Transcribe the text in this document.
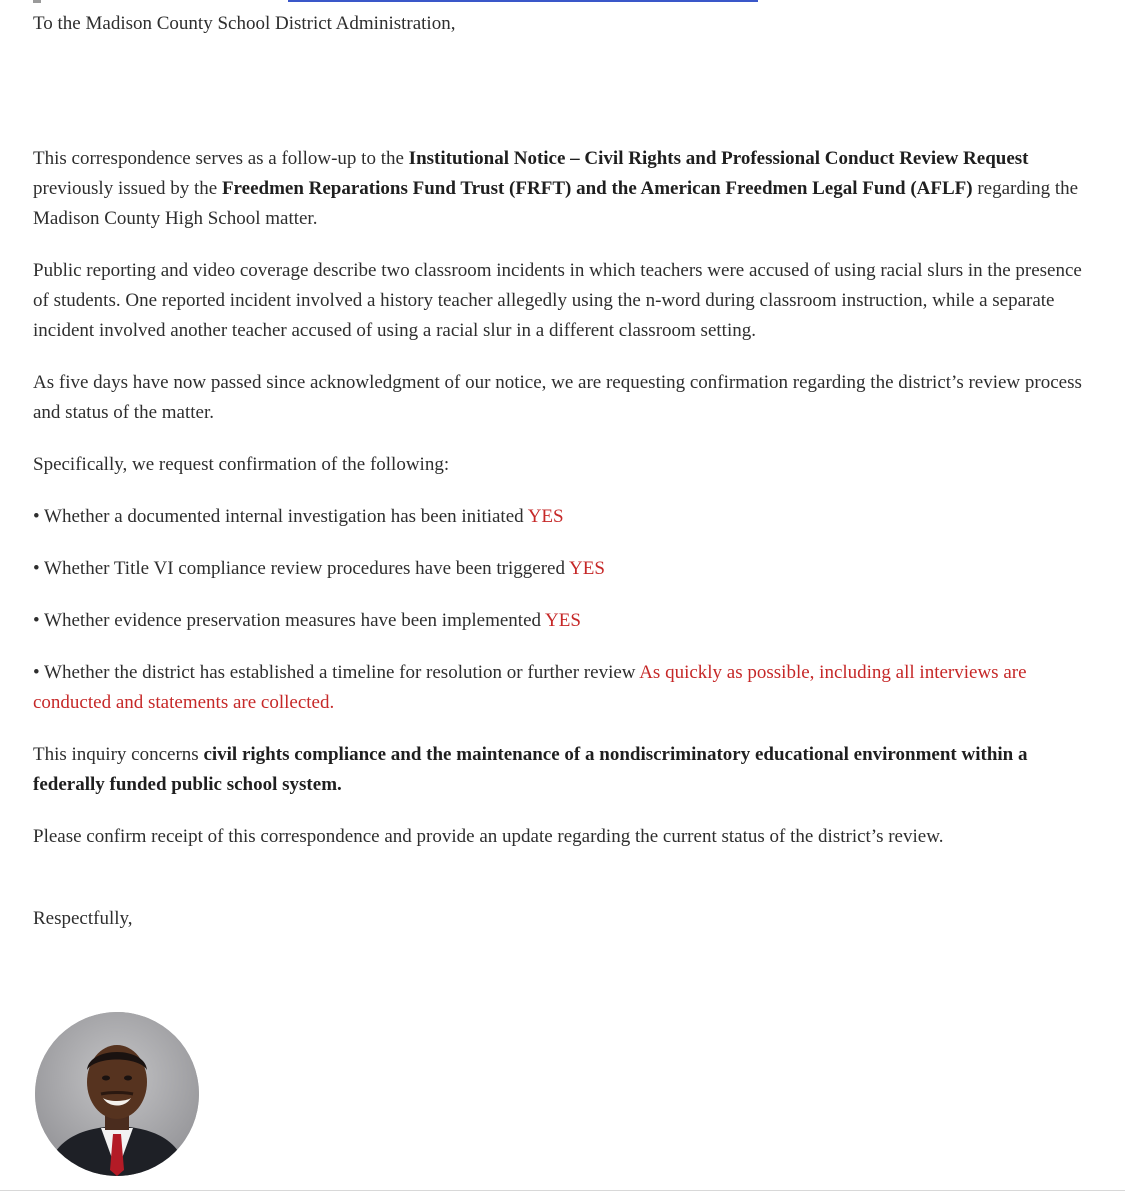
To the Madison County School District Administration,

This correspondence serves as a follow-up to the Institutional Notice – Civil Rights and Professional Conduct Review Request previously issued by the Freedmen Reparations Fund Trust (FRFT) and the American Freedmen Legal Fund (AFLF) regarding the Madison County High School matter.

Public reporting and video coverage describe two classroom incidents in which teachers were accused of using racial slurs in the presence of students. One reported incident involved a history teacher allegedly using the n-word during classroom instruction, while a separate incident involved another teacher accused of using a racial slur in a different classroom setting.

As five days have now passed since acknowledgment of our notice, we are requesting confirmation regarding the district’s review process and status of the matter.

Specifically, we request confirmation of the following:

• Whether a documented internal investigation has been initiated YES

• Whether Title VI compliance review procedures have been triggered YES

• Whether evidence preservation measures have been implemented YES

• Whether the district has established a timeline for resolution or further review As quickly as possible, including all interviews are conducted and statements are collected.

This inquiry concerns civil rights compliance and the maintenance of a nondiscriminatory educational environment within a federally funded public school system.

Please confirm receipt of this correspondence and provide an update regarding the current status of the district’s review.

Respectfully,
